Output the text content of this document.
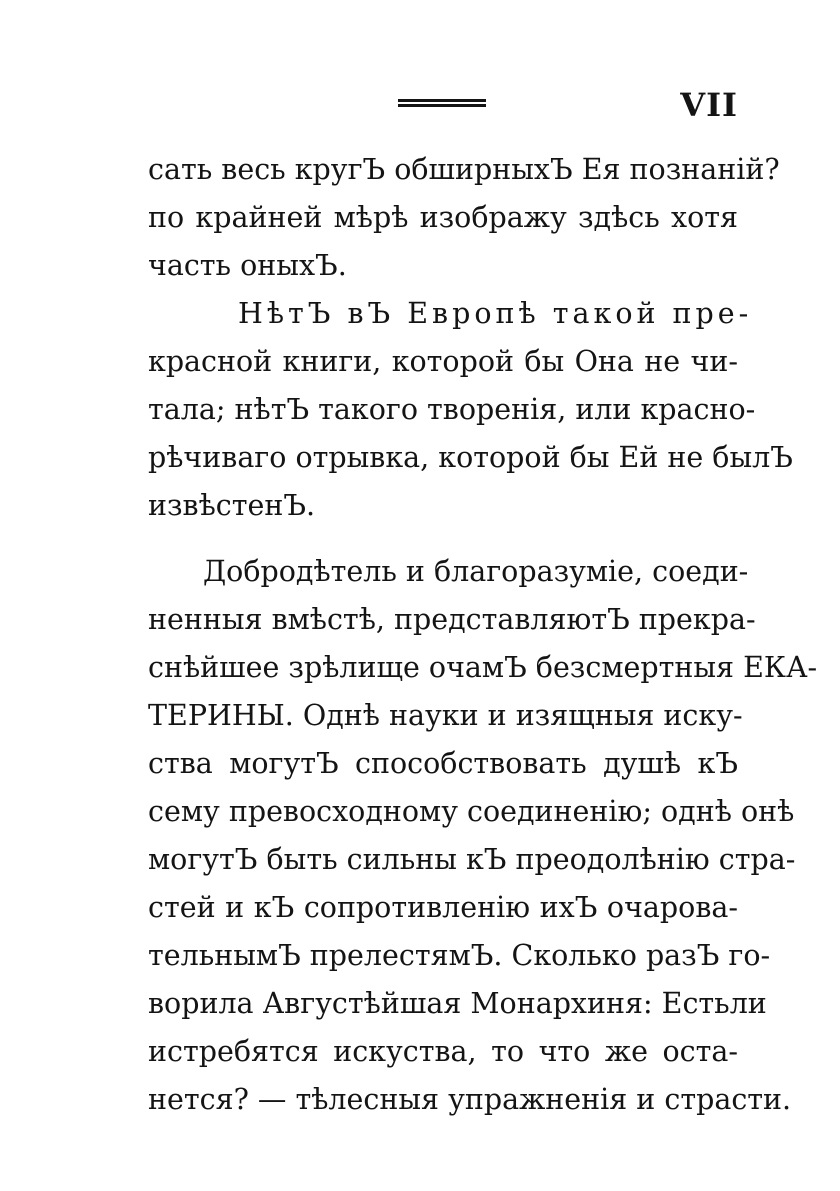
VII
сать весь кругЪ обширныхЪ Ея познаній?
по крайней мѣрѣ изображу здѣсь хотя
часть оныхЪ.
НѣтЪ вЪ Европѣ такой пре-
красной книги, которой бы Она не чи-
тала; нѣтЪ такого творенія, или красно-
рѣчиваго отрывка, которой бы Ей не былЪ
извѣстенЪ.
Добродѣтель и благоразуміе, соеди-
ненныя вмѣстѣ, представляютЪ прекра-
снѣйшее зрѣлище очамЪ безсмертныя ЕКА-
ТЕРИНЫ. Однѣ науки и изящныя иску-
ства могутЪ способствовать душѣ кЪ
сему превосходному соединенію; однѣ онѣ
могутЪ быть сильны кЪ преодолѣнію стра-
стей и кЪ сопротивленію ихЪ очарова-
тельнымЪ прелестямЪ. Сколько разЪ го-
ворила Августѣйшая Монархиня: Естьли
истребятся искуства, то что же оста-
нется? — тѣлесныя упражненія и страсти.
